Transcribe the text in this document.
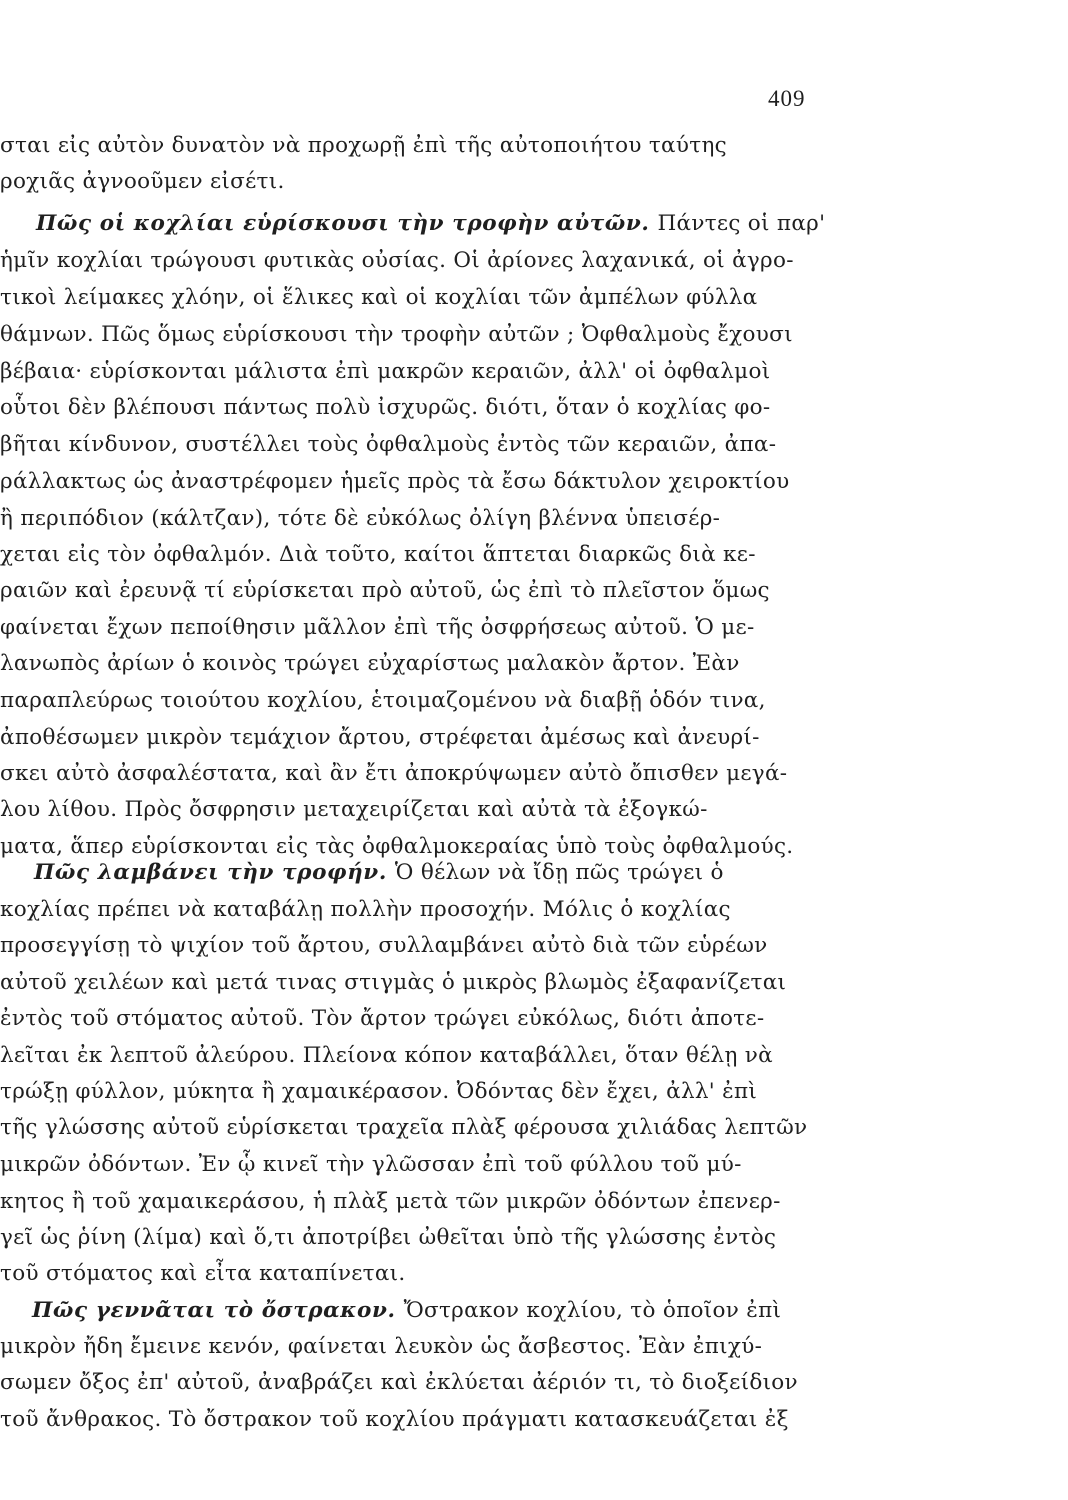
409
σται εἰς αὐτὸν δυνατὸν νὰ προχωρῇ ἐπὶ τῆς αὐτοποιήτου ταύτης
ροχιᾶς ἀγνοοῦμεν εἰσέτι.
Πῶς οἱ κοχλίαι εὑρίσκουσι τὴν τροφὴν αὐτῶν. Πάντες οἱ παρ'
ἡμῖν κοχλίαι τρώγουσι φυτικὰς οὐσίας. Οἱ ἀρίονες λαχανικά, οἱ ἀγρο-
τικοὶ λείμακες χλόην, οἱ ἕλικες καὶ οἱ κοχλίαι τῶν ἀμπέλων φύλλα
θάμνων. Πῶς ὅμως εὑρίσκουσι τὴν τροφὴν αὐτῶν ; Ὀφθαλμοὺς ἔχουσι
βέβαια· εὑρίσκονται μάλιστα ἐπὶ μακρῶν κεραιῶν, ἀλλ' οἱ ὀφθαλμοὶ
οὗτοι δὲν βλέπουσι πάντως πολὺ ἰσχυρῶς. διότι, ὅταν ὁ κοχλίας φο-
βῆται κίνδυνον, συστέλλει τοὺς ὀφθαλμοὺς ἐντὸς τῶν κεραιῶν, ἀπα-
ράλλακτως ὡς ἀναστρέφομεν ἡμεῖς πρὸς τὰ ἔσω δάκτυλον χειροκτίου
ἢ περιπόδιον (κάλτζαν), τότε δὲ εὐκόλως ὀλίγη βλέννα ὑπεισέρ-
χεται εἰς τὸν ὀφθαλμόν. Διὰ τοῦτο, καίτοι ἅπτεται διαρκῶς διὰ κε-
ραιῶν καὶ ἐρευνᾷ τί εὑρίσκεται πρὸ αὐτοῦ, ὡς ἐπὶ τὸ πλεῖστον ὅμως
φαίνεται ἔχων πεποίθησιν μᾶλλον ἐπὶ τῆς ὀσφρήσεως αὐτοῦ. Ὁ με-
λανωπὸς ἀρίων ὁ κοινὸς τρώγει εὐχαρίστως μαλακὸν ἄρτον. Ἐὰν
παραπλεύρως τοιούτου κοχλίου, ἑτοιμαζομένου νὰ διαβῇ ὁδόν τινα,
ἀποθέσωμεν μικρὸν τεμάχιον ἄρτου, στρέφεται ἀμέσως καὶ ἀνευρί-
σκει αὐτὸ ἀσφαλέστατα, καὶ ἂν ἔτι ἀποκρύψωμεν αὐτὸ ὄπισθεν μεγά-
λου λίθου. Πρὸς ὄσφρησιν μεταχειρίζεται καὶ αὐτὰ τὰ ἐξογκώ-
ματα, ἅπερ εὑρίσκονται εἰς τὰς ὀφθαλμοκεραίας ὑπὸ τοὺς ὀφθαλμούς.
Πῶς λαμβάνει τὴν τροφήν. Ὁ θέλων νὰ ἴδῃ πῶς τρώγει ὁ
κοχλίας πρέπει νὰ καταβάλῃ πολλὴν προσοχήν. Μόλις ὁ κοχλίας
προσεγγίσῃ τὸ ψιχίον τοῦ ἄρτου, συλλαμβάνει αὐτὸ διὰ τῶν εὑρέων
αὐτοῦ χειλέων καὶ μετά τινας στιγμὰς ὁ μικρὸς βλωμὸς ἐξαφανίζεται
ἐντὸς τοῦ στόματος αὐτοῦ. Τὸν ἄρτον τρώγει εὐκόλως, διότι ἀποτε-
λεῖται ἐκ λεπτοῦ ἀλεύρου. Πλείονα κόπον καταβάλλει, ὅταν θέλῃ νὰ
τρώξῃ φύλλον, μύκητα ἢ χαμαικέρασον. Ὀδόντας δὲν ἔχει, ἀλλ' ἐπὶ
τῆς γλώσσης αὐτοῦ εὑρίσκεται τραχεῖα πλὰξ φέρουσα χιλιάδας λεπτῶν
μικρῶν ὀδόντων. Ἐν ᾧ κινεῖ τὴν γλῶσσαν ἐπὶ τοῦ φύλλου τοῦ μύ-
κητος ἢ τοῦ χαμαικεράσου, ἡ πλὰξ μετὰ τῶν μικρῶν ὀδόντων ἐπενερ-
γεῖ ὡς ῥίνη (λίμα) καὶ ὅ,τι ἀποτρίβει ὠθεῖται ὑπὸ τῆς γλώσσης ἐντὸς
τοῦ στόματος καὶ εἶτα καταπίνεται.
Πῶς γεννᾶται τὸ ὄστρακον. Ὄστρακον κοχλίου, τὸ ὁποῖον ἐπὶ
μικρὸν ἤδη ἔμεινε κενόν, φαίνεται λευκὸν ὡς ἄσβεστος. Ἐὰν ἐπιχύ-
σωμεν ὄξος ἐπ' αὐτοῦ, ἀναβράζει καὶ ἐκλύεται ἀέριόν τι, τὸ διοξείδιον
τοῦ ἄνθρακος. Τὸ ὄστρακον τοῦ κοχλίου πράγματι κατασκευάζεται ἐξ
